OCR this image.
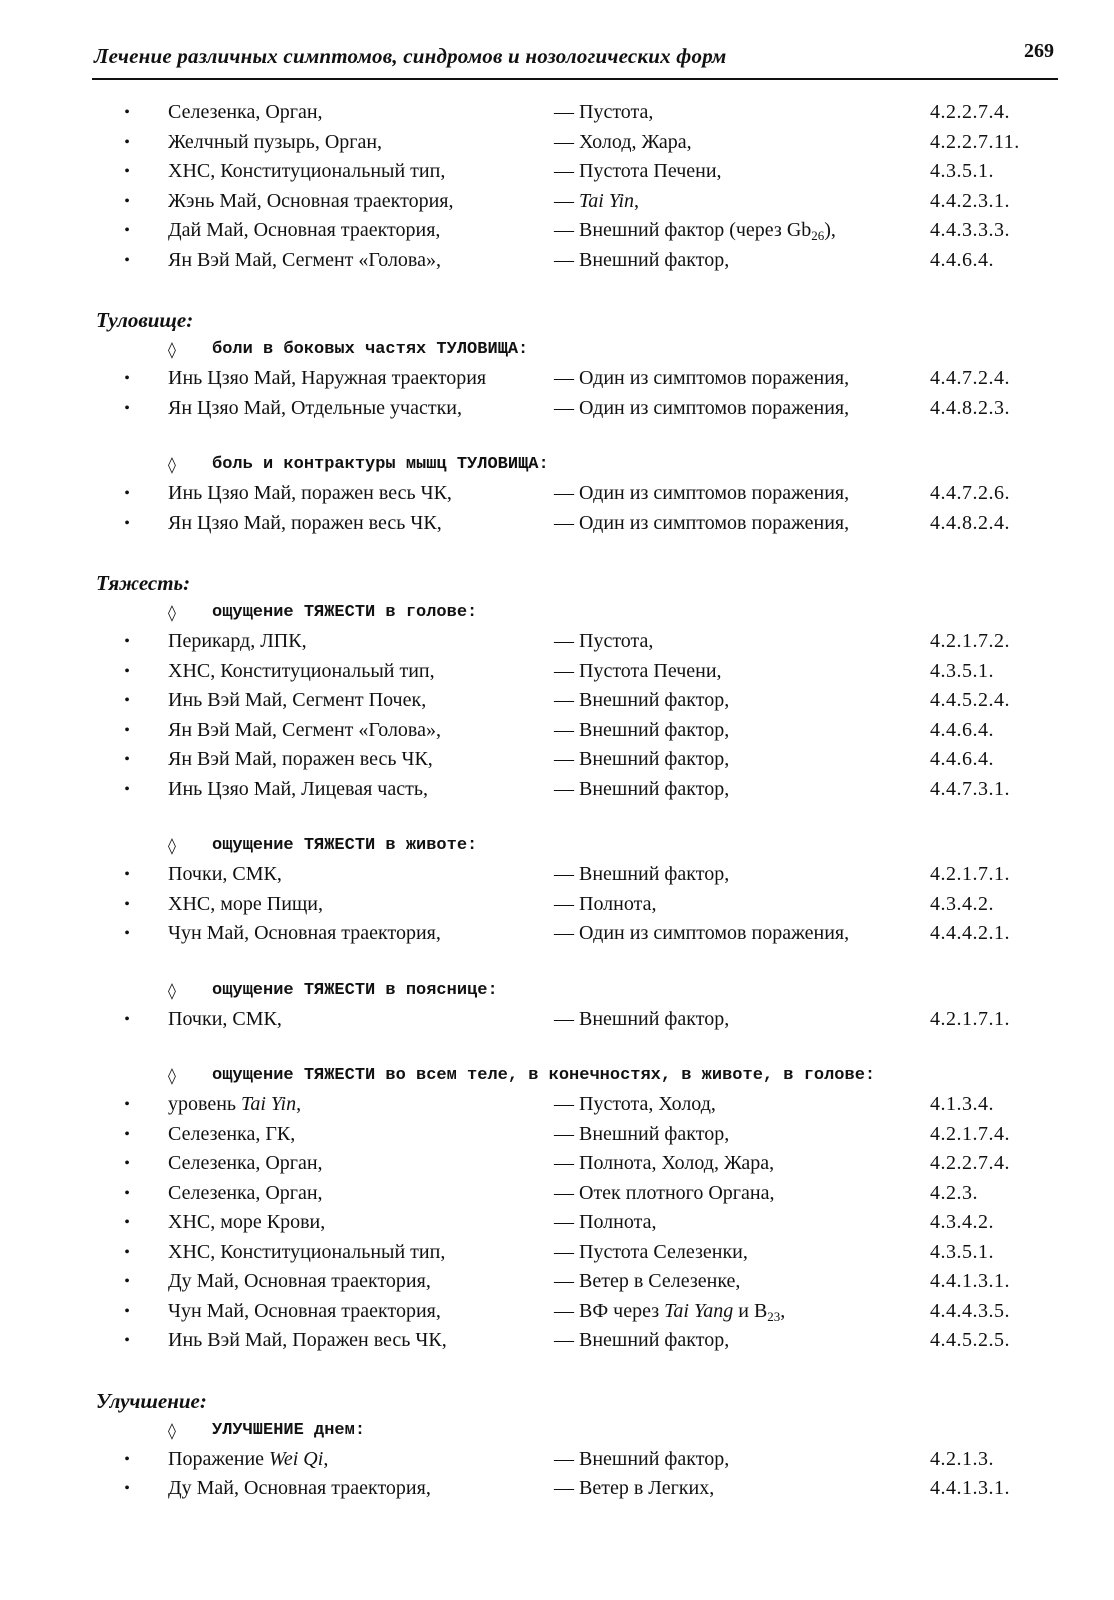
Лечение различных симптомов, синдромов и нозологических форм	269
• Селезенка, Орган,	— Пустота,	4.2.2.7.4.
• Желчный пузырь, Орган,	— Холод, Жара,	4.2.2.7.11.
• ХНС, Конституциональный тип,	— Пустота Печени,	4.3.5.1.
• Жэнь Май, Основная траектория,	— Tai Yin,	4.4.2.3.1.
• Дай Май, Основная траектория,	— Внешний фактор (через $Gb_{26}$),	4.4.3.3.3.
• Ян Вэй Май, Сегмент «Голова»,	— Внешний фактор,	4.4.6.4.
Туловище:
◊ боли в боковых частях ТУЛОВИЩА:
• Инь Цзяо Май, Наружная траектория	— Один из симптомов поражения,	4.4.7.2.4.
• Ян Цзяо Май, Отдельные участки,	— Один из симптомов поражения,	4.4.8.2.3.
◊ боль и контрактуры мышц ТУЛОВИЩА:
• Инь Цзяо Май, поражен весь ЧК,	— Один из симптомов поражения,	4.4.7.2.6.
• Ян Цзяо Май, поражен весь ЧК,	— Один из симптомов поражения,	4.4.8.2.4.
Тяжесть:
◊ ощущение ТЯЖЕСТИ в голове:
• Перикард, ЛПК,	— Пустота,	4.2.1.7.2.
• ХНС, Конституциональый тип,	— Пустота Печени,	4.3.5.1.
• Инь Вэй Май, Сегмент Почек,	— Внешний фактор,	4.4.5.2.4.
• Ян Вэй Май, Сегмент «Голова»,	— Внешний фактор,	4.4.6.4.
• Ян Вэй Май, поражен весь ЧК,	— Внешний фактор,	4.4.6.4.
• Инь Цзяо Май, Лицевая часть,	— Внешний фактор,	4.4.7.3.1.
◊ ощущение ТЯЖЕСТИ в животе:
• Почки, СМК,	— Внешний фактор,	4.2.1.7.1.
• ХНС, море Пищи,	— Полнота,	4.3.4.2.
• Чун Май, Основная траектория,	— Один из симптомов поражения,	4.4.4.2.1.
◊ ощущение ТЯЖЕСТИ в пояснице:
• Почки, СМК,	— Внешний фактор,	4.2.1.7.1.
◊ ощущение ТЯЖЕСТИ во всем теле, в конечностях, в животе, в голове:
• уровень Tai Yin,	— Пустота, Холод,	4.1.3.4.
• Селезенка, ГК,	— Внешний фактор,	4.2.1.7.4.
• Селезенка, Орган,	— Полнота, Холод, Жара,	4.2.2.7.4.
• Селезенка, Орган,	— Отек плотного Органа,	4.2.3.
• ХНС, море Крови,	— Полнота,	4.3.4.2.
• ХНС, Конституциональный тип,	— Пустота Селезенки,	4.3.5.1.
• Ду Май, Основная траектория,	— Ветер в Селезенке,	4.4.1.3.1.
• Чун Май, Основная траектория,	— ВФ через Tai Yang и $B_{23}$,	4.4.4.3.5.
• Инь Вэй Май, Поражен весь ЧК,	— Внешний фактор,	4.4.5.2.5.
Улучшение:
◊ УЛУЧШЕНИЕ днем:
• Поражение Wei Qi,	— Внешний фактор,	4.2.1.3.
• Ду Май, Основная траектория,	— Ветер в Легких,	4.4.1.3.1.
